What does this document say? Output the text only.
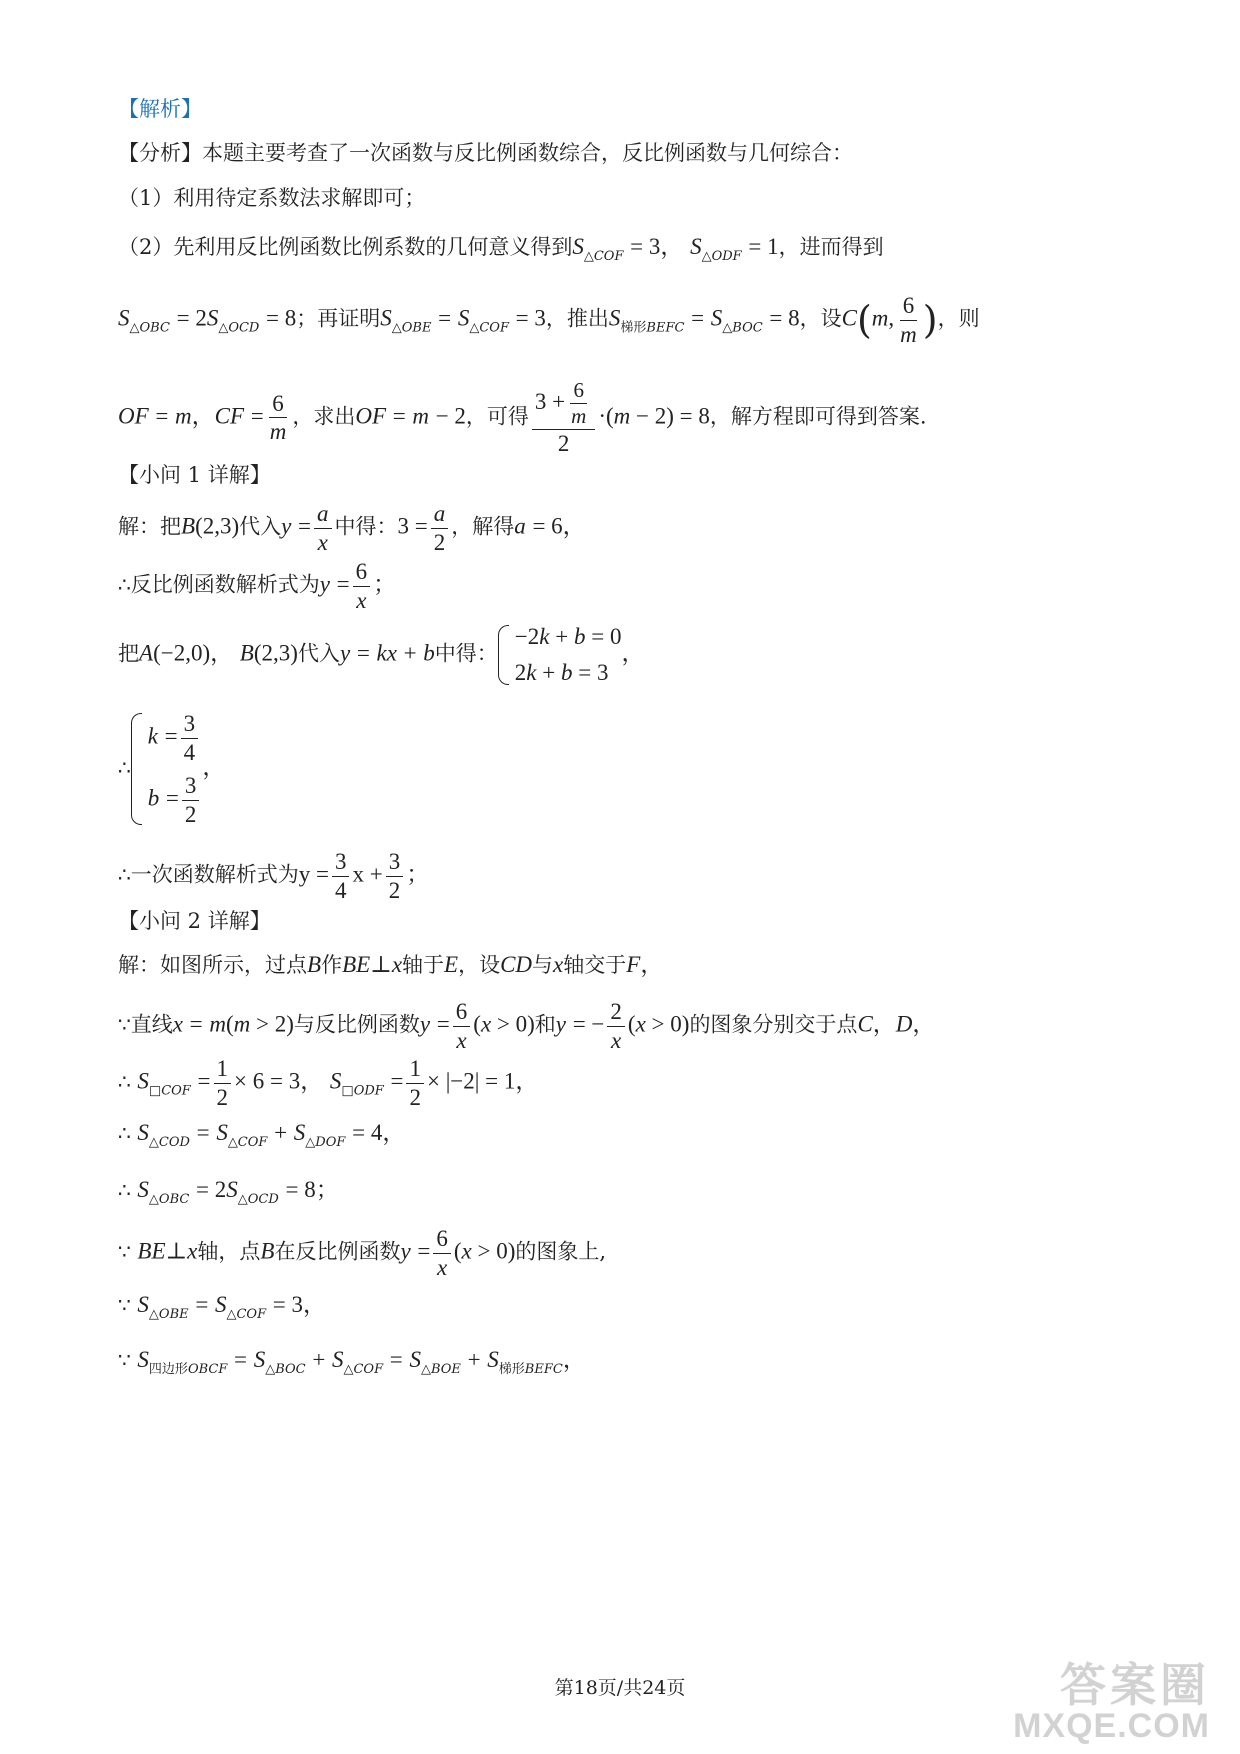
【解析】
【分析】本题主要考查了一次函数与反比例函数综合，反比例函数与几何综合：
（1）利用待定系数法求解即可；
（2）先利用反比例函数比例系数的几何意义得到$S_{\triangle COF} = 3$， $S_{\triangle ODF} = 1$，进而得到
$S_{\triangle OBC} = 2S_{\triangle OCD} = 8$；再证明$S_{\triangle OBE} = S_{\triangle COF} = 3$，推出$S_{梯形BEFC} = S_{\triangle BOC} = 8$，设C(m, $\frac{6}{m}$ )，则
OF = m，CF = $\frac{6}{m}$ ，求出OF = m − 2，可得 $\frac{3 + \frac{6}{m}}{2} \cdot(m - 2) = 8$，解方程即可得到答案.
【小问 1 详解】
解：把B(2,3)代入$y = \frac{a}{x}$ 中得：$3 = \frac{a}{2}$ ，解得a = 6，
∴反比例函数解析式为$y = \frac{6}{x}$ ；
把A(−2,0)， B(2,3)代入y = kx + b中得：
−2k + b = 0
2k + b = 3
，
∴
$k = \frac{3}{4}$
$b = \frac{3}{2}$
，
∴一次函数解析式为$y = \frac{3}{4}$ $x + \frac{3}{2}$ ；
【小问 2 详解】
解：如图所示，过点B作BE⊥x轴于E，设CD与x轴交于F，
∵直线x = m(m > 2)与反比例函数$y = \frac{6}{x} (x > 0)$和y = − $\frac{2}{x} (x > 0)$的图象分别交于点C，D，
∴ $S_{□COF} = \frac{1}{2} \times 6 = 3$， $S_{□ODF} = \frac{1}{2} \times |-2| = 1$，
∴ $S_{\triangle COD} = S_{\triangle COF} + S_{\triangle DOF} = 4$，
∴ $S_{\triangle OBC} = 2S_{\triangle OCD} = 8$；
∵ BE⊥x轴，点B在反比例函数$y = \frac{6}{x} (x > 0)$的图象上,
∵ $S_{\triangle OBE} = S_{\triangle COF} = 3$，
∵ $S_{四边形OBCF} = S_{\triangle BOC} + S_{\triangle COF} = S_{\triangle BOE} + S_{梯形BEFC}$，
第18页/共24页	答案圈
MXQE.COM
